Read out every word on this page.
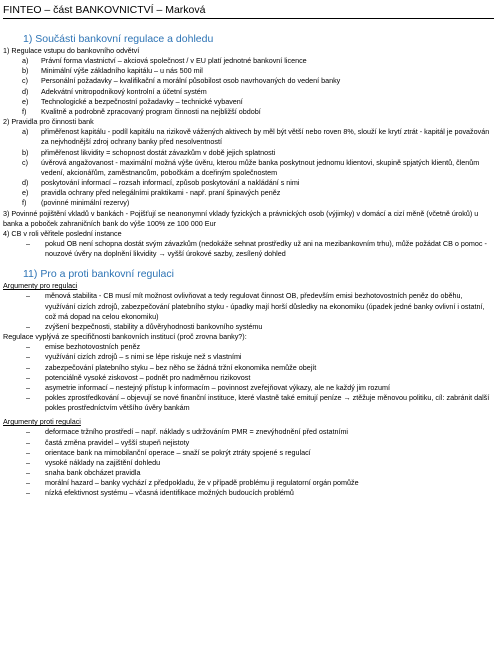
FINTEO – část BANKOVNICTVÍ – Marková
1) Součásti bankovní regulace a dohledu
1) Regulace vstupu do bankovního odvětví
a)	Právní forma vlastnictví – akciová společnost / v EU platí jednotné bankovní licence
b)	Minimální výše základního kapitálu – u nás 500 mil
c)	Personální požadavky – kvalifikační a morální působilost osob navrhovaných do vedení banky
d)	Adekvátní vnitropodnikový kontrolní a účetní systém
e)	Technologické a bezpečnostní požadavky – technické vybavení
f)	Kvalitně a podrobně zpracovaný program činnosti na nejbližší období
2) Pravidla pro činnosti bank
a)	přiměřenost kapitálu - podíl kapitálu na rizikově vážených aktivech by měl být větší nebo roven 8%, slouží ke krytí ztrát - kapitál je považován za nejvhodnější zdroj ochrany banky před nesolventností
b)	přiměřenost likvidity = schopnost dostát závazkům v době jejich splatnosti
c)	úvěrová angažovanost - maximální možná výše úvěru, kterou může banka poskytnout jednomu klientovi, skupině spjatých klientů, členům vedení, akcionářům, zaměstnancům, pobočkám a dceřiným společnostem
d)	poskytování informací – rozsah informací, způsob poskytování a nakládání s nimi
e)	pravidla ochrany před nelegálními praktikami - např. praní špinavých peněz
f)	(povinné minimální rezervy)
3) Povinné pojištění vkladů v bankách - Pojišťují se neanonymní vklady fyzických a právnických osob (výjimky) v domácí a cizí měně (včetně úroků) u banka a poboček zahraničních bank do výše 100% ze 100 000 Eur
4) CB v roli věřitele poslední instance
–	pokud OB není schopna dostát svým závazkům (nedokáže sehnat prostředky už ani na mezibankovním trhu), může požádat CB o pomoc - nouzové úvěry na doplnění likvidity → vyšší úrokové sazby, zesílený dohled
11) Pro a proti bankovní regulaci
Argumenty pro regulaci
–	měnová stabilita - CB musí mít možnost ovlivňovat a tedy regulovat činnost OB, především emisi bezhotovostních peněz do oběhu, využívání cizích zdrojů, zabezpečování platebního styku - úpadky mají horší důsledky na ekonomiku (úpadek jedné banky ovlivní i ostatní, což má dopad na celou ekonomiku)
–	zvýšení bezpečnosti, stability a důvěryhodnosti bankovního systému
Regulace vyplývá ze specifičnosti bankovních institucí (proč zrovna banky?):
–	emise bezhotovostních peněz
–	využívání cizích zdrojů – s nimi se lépe riskuje než s vlastními
–	zabezpečování platebního styku – bez něho se žádná tržní ekonomika nemůže obejít
–	potenciálně vysoké ziskovost – podnět pro nadměrnou rizikovost
–	asymetrie informací – nestejný přístup k informacím – povinnost zveřejňovat výkazy, ale ne každý jim rozumí
–	pokles zprostředkování – objevují se nové finanční instituce, které vlastně také emitují peníze → ztěžuje měnovou politiku, cíl: zabránit další pokles prostředníctvím většího úvěry bankám
Argumenty proti regulaci
–	deformace tržního prostředí – např. náklady s udržováním PMR = znevýhodnění před ostatními
–	častá změna pravidel – vyšší stupeň nejistoty
–	orientace bank na mimobilanční operace – snaží se pokrýt ztráty spojené s regulací
–	vysoké náklady na zajištění dohledu
–	snaha bank obcházet pravidla
–	morální hazard – banky vychází z předpokladu, že v případě problému ji regulatorní orgán pomůže
–	nízká efektivnost systému – včasná identifikace možných budoucích problémů
